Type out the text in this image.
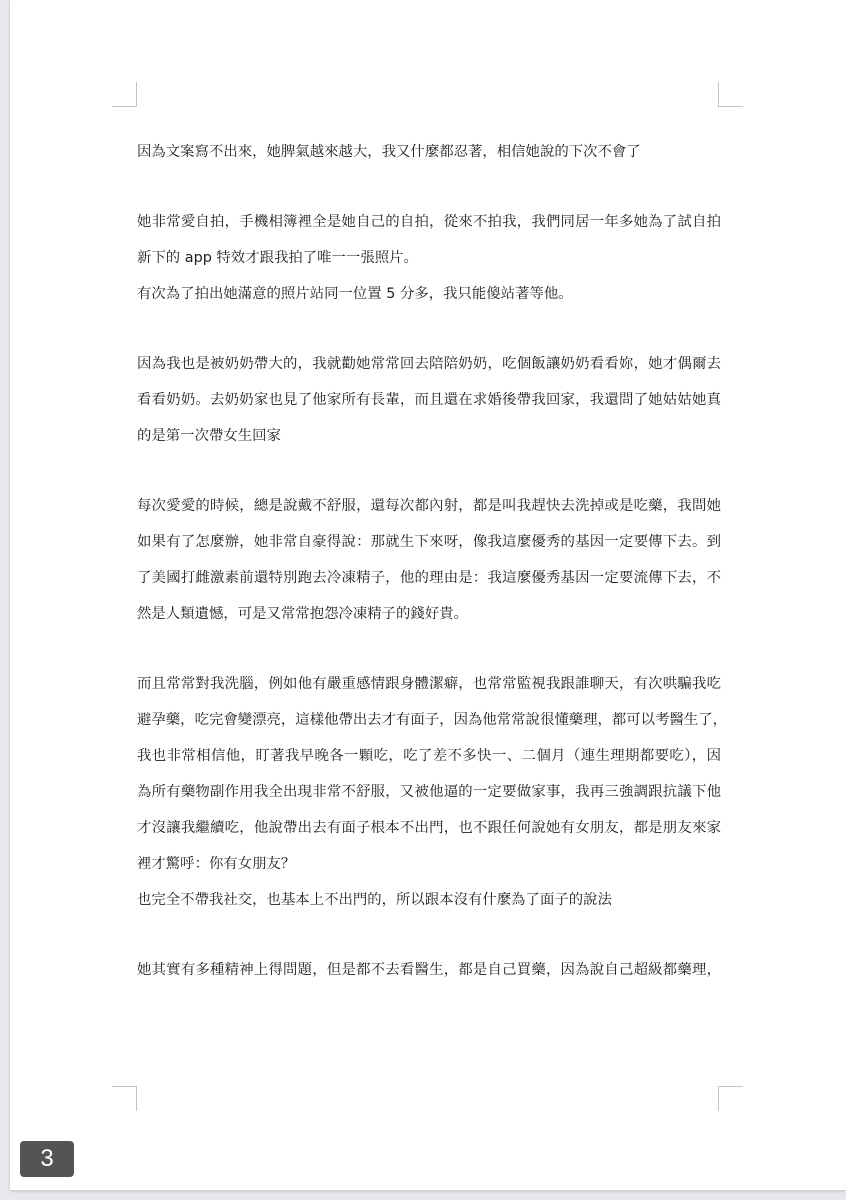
因為文案寫不出來，她脾氣越來越大，我又什麼都忍著，相信她說的下次不會了
她非常愛自拍，手機相簿裡全是她自己的自拍，從來不拍我，我們同居一年多她為了試自拍
新下的 app 特效才跟我拍了唯一一張照片。
有次為了拍出她滿意的照片站同一位置 5 分多，我只能傻站著等他。
因為我也是被奶奶帶大的，我就勸她常常回去陪陪奶奶，吃個飯讓奶奶看看妳，她才偶爾去
看看奶奶。去奶奶家也見了他家所有長輩，而且還在求婚後帶我回家，我還問了她姑姑她真
的是第一次帶女生回家
每次愛愛的時候，總是說戴不舒服，還每次都內射，都是叫我趕快去洗掉或是吃藥，我問她
如果有了怎麼辦，她非常自豪得說：那就生下來呀，像我這麼優秀的基因一定要傳下去。到
了美國打雌激素前還特別跑去冷凍精子，他的理由是：我這麼優秀基因一定要流傳下去，不
然是人類遺憾，可是又常常抱怨冷凍精子的錢好貴。
而且常常對我洗腦，例如他有嚴重感情跟身體潔癖，也常常監視我跟誰聊天，有次哄騙我吃
避孕藥，吃完會變漂亮，這樣他帶出去才有面子，因為他常常說很懂藥理，都可以考醫生了，
我也非常相信他，盯著我早晚各一顆吃，吃了差不多快一、二個月（連生理期都要吃），因
為所有藥物副作用我全出現非常不舒服，又被他逼的一定要做家事，我再三強調跟抗議下他
才沒讓我繼續吃，他說帶出去有面子根本不出門，也不跟任何說她有女朋友，都是朋友來家
裡才驚呼：你有女朋友？
也完全不帶我社交，也基本上不出門的，所以跟本沒有什麼為了面子的說法
她其實有多種精神上得問題，但是都不去看醫生，都是自己買藥，因為說自己超級都藥理，
3
